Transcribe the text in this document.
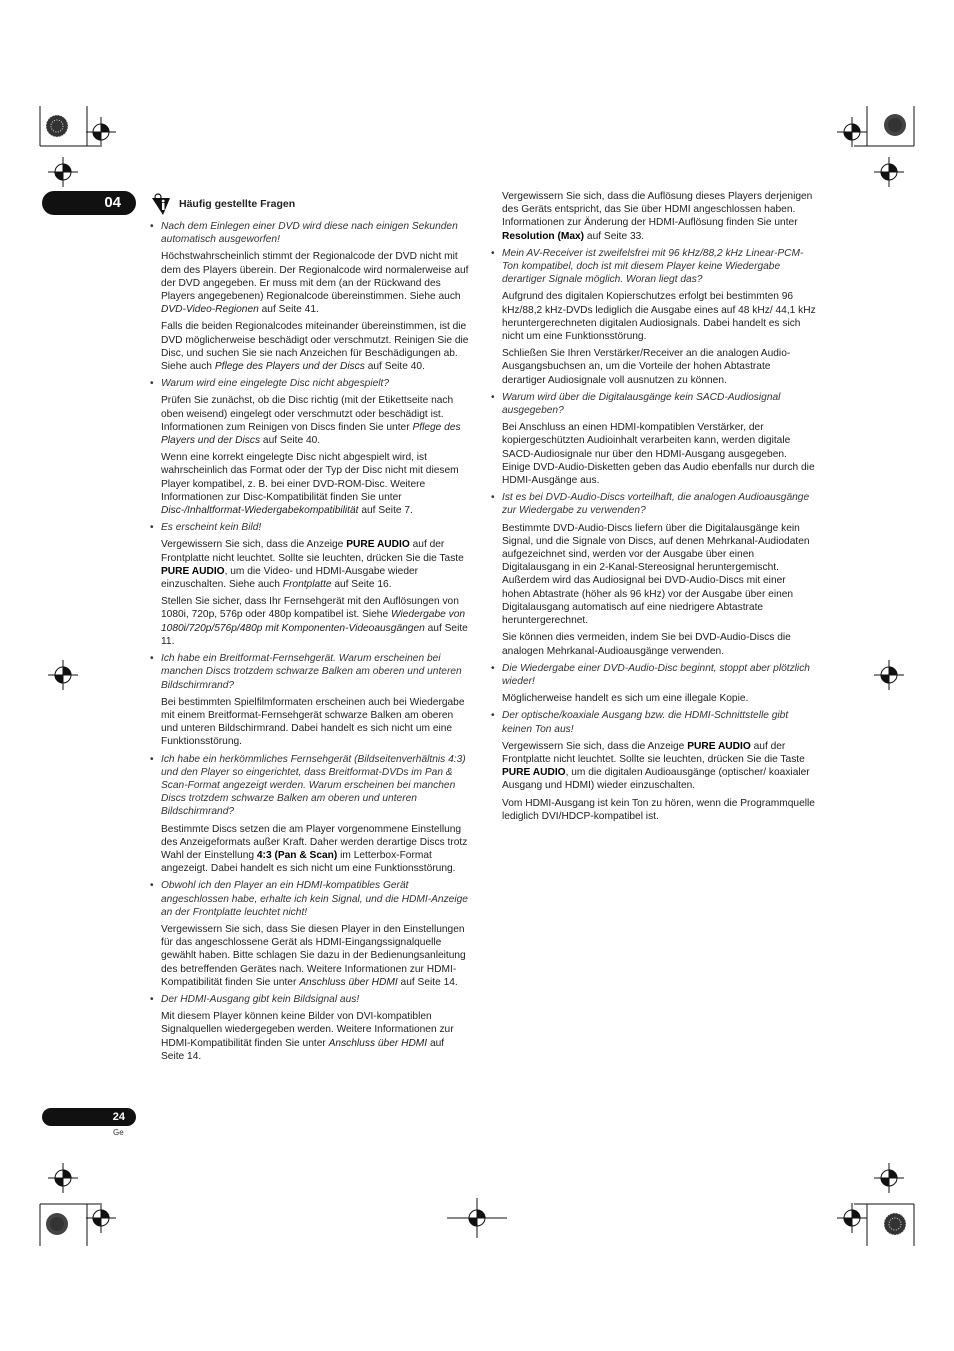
04
24
Ge
Häufig gestellte Fragen

• Nach dem Einlegen einer DVD wird diese nach einigen Sekunden automatisch ausgeworfen!

Höchstwahrscheinlich stimmt der Regionalcode der DVD nicht mit dem des Players überein. Der Regionalcode wird normalerweise auf der DVD angegeben. Er muss mit dem (an der Rückwand des Players angegebenen) Regionalcode übereinstimmen. Siehe auch DVD-Video-Regionen auf Seite 41.

Falls die beiden Regionalcodes miteinander übereinstimmen, ist die DVD möglicherweise beschädigt oder verschmutzt. Reinigen Sie die Disc, und suchen Sie sie nach Anzeichen für Beschädigungen ab. Siehe auch Pflege des Players und der Discs auf Seite 40.

• Warum wird eine eingelegte Disc nicht abgespielt?

Prüfen Sie zunächst, ob die Disc richtig (mit der Etikettseite nach oben weisend) eingelegt oder verschmutzt oder beschädigt ist. Informationen zum Reinigen von Discs finden Sie unter Pflege des Players und der Discs auf Seite 40.

Wenn eine korrekt eingelegte Disc nicht abgespielt wird, ist wahrscheinlich das Format oder der Typ der Disc nicht mit diesem Player kompatibel, z. B. bei einer DVD-ROM-Disc. Weitere Informationen zur Disc-Kompatibilität finden Sie unter Disc-/Inhaltformat-Wiedergabekompatibilität auf Seite 7.

• Es erscheint kein Bild!

Vergewissern Sie sich, dass die Anzeige PURE AUDIO auf der Frontplatte nicht leuchtet. Sollte sie leuchten, drücken Sie die Taste PURE AUDIO, um die Video- und HDMI-Ausgabe wieder einzuschalten. Siehe auch Frontplatte auf Seite 16.

Stellen Sie sicher, dass Ihr Fernsehgerät mit den Auflösungen von 1080i, 720p, 576p oder 480p kompatibel ist. Siehe Wiedergabe von 1080i/720p/576p/480p mit Komponenten-Videoausgängen auf Seite 11.

• Ich habe ein Breitformat-Fernsehgerät. Warum erscheinen bei manchen Discs trotzdem schwarze Balken am oberen und unteren Bildschirmrand?

Bei bestimmten Spielfilmformaten erscheinen auch bei Wiedergabe mit einem Breitformat-Fernsehgerät schwarze Balken am oberen und unteren Bildschirmrand. Dabei handelt es sich nicht um eine Funktionsstörung.

• Ich habe ein herkömmliches Fernsehgerät (Bildseitenverhältnis 4:3) und den Player so eingerichtet, dass Breitformat-DVDs im Pan & Scan-Format angezeigt werden. Warum erscheinen bei manchen Discs trotzdem schwarze Balken am oberen und unteren Bildschirmrand?

Bestimmte Discs setzen die am Player vorgenommene Einstellung des Anzeigeformats außer Kraft. Daher werden derartige Discs trotz Wahl der Einstellung 4:3 (Pan & Scan) im Letterbox-Format angezeigt. Dabei handelt es sich nicht um eine Funktionsstörung.

• Obwohl ich den Player an ein HDMI-kompatibles Gerät angeschlossen habe, erhalte ich kein Signal, und die HDMI-Anzeige an der Frontplatte leuchtet nicht!

Vergewissern Sie sich, dass Sie diesen Player in den Einstellungen für das angeschlossene Gerät als HDMI-Eingangssignalquelle gewählt haben. Bitte schlagen Sie dazu in der Bedienungsanleitung des betreffenden Gerätes nach. Weitere Informationen zur HDMI-Kompatibilität finden Sie unter Anschluss über HDMI auf Seite 14.

• Der HDMI-Ausgang gibt kein Bildsignal aus!

Mit diesem Player können keine Bilder von DVI-kompatiblen Signalquellen wiedergegeben werden. Weitere Informationen zur HDMI-Kompatibilität finden Sie unter Anschluss über HDMI auf Seite 14.

Vergewissern Sie sich, dass die Auflösung dieses Players derjenigen des Geräts entspricht, das Sie über HDMI angeschlossen haben. Informationen zur Änderung der HDMI-Auflösung finden Sie unter Resolution (Max) auf Seite 33.

• Mein AV-Receiver ist zweifelsfrei mit 96 kHz/88,2 kHz Linear-PCM-Ton kompatibel, doch ist mit diesem Player keine Wiedergabe derartiger Signale möglich. Woran liegt das?

Aufgrund des digitalen Kopierschutzes erfolgt bei bestimmten 96 kHz/88,2 kHz-DVDs lediglich die Ausgabe eines auf 48 kHz/ 44,1 kHz heruntergerechneten digitalen Audiosignals. Dabei handelt es sich nicht um eine Funktionsstörung.

Schließen Sie Ihren Verstärker/Receiver an die analogen Audio-Ausgangsbuchsen an, um die Vorteile der hohen Abtastrate derartiger Audiosignale voll ausnutzen zu können.

• Warum wird über die Digitalausgänge kein SACD-Audiosignal ausgegeben?

Bei Anschluss an einen HDMI-kompatiblen Verstärker, der kopiergeschützten Audioinhalt verarbeiten kann, werden digitale SACD-Audiosignale nur über den HDMI-Ausgang ausgegeben. Einige DVD-Audio-Disketten geben das Audio ebenfalls nur durch die HDMI-Ausgänge aus.

• Ist es bei DVD-Audio-Discs vorteilhaft, die analogen Audioausgänge zur Wiedergabe zu verwenden?

Bestimmte DVD-Audio-Discs liefern über die Digitalausgänge kein Signal, und die Signale von Discs, auf denen Mehrkanal-Audiodaten aufgezeichnet sind, werden vor der Ausgabe über einen Digitalausgang in ein 2-Kanal-Stereosignal heruntergemischt. Außerdem wird das Audiosignal bei DVD-Audio-Discs mit einer hohen Abtastrate (höher als 96 kHz) vor der Ausgabe über einen Digitalausgang automatisch auf eine niedrigere Abtastrate heruntergerechnet.

Sie können dies vermeiden, indem Sie bei DVD-Audio-Discs die analogen Mehrkanal-Audioausgänge verwenden.

• Die Wiedergabe einer DVD-Audio-Disc beginnt, stoppt aber plötzlich wieder!

Möglicherweise handelt es sich um eine illegale Kopie.

• Der optische/koaxiale Ausgang bzw. die HDMI-Schnittstelle gibt keinen Ton aus!

Vergewissern Sie sich, dass die Anzeige PURE AUDIO auf der Frontplatte nicht leuchtet. Sollte sie leuchten, drücken Sie die Taste PURE AUDIO, um die digitalen Audioausgänge (optischer/ koaxialer Ausgang und HDMI) wieder einzuschalten.

Vom HDMI-Ausgang ist kein Ton zu hören, wenn die Programmquelle lediglich DVI/HDCP-kompatibel ist.
